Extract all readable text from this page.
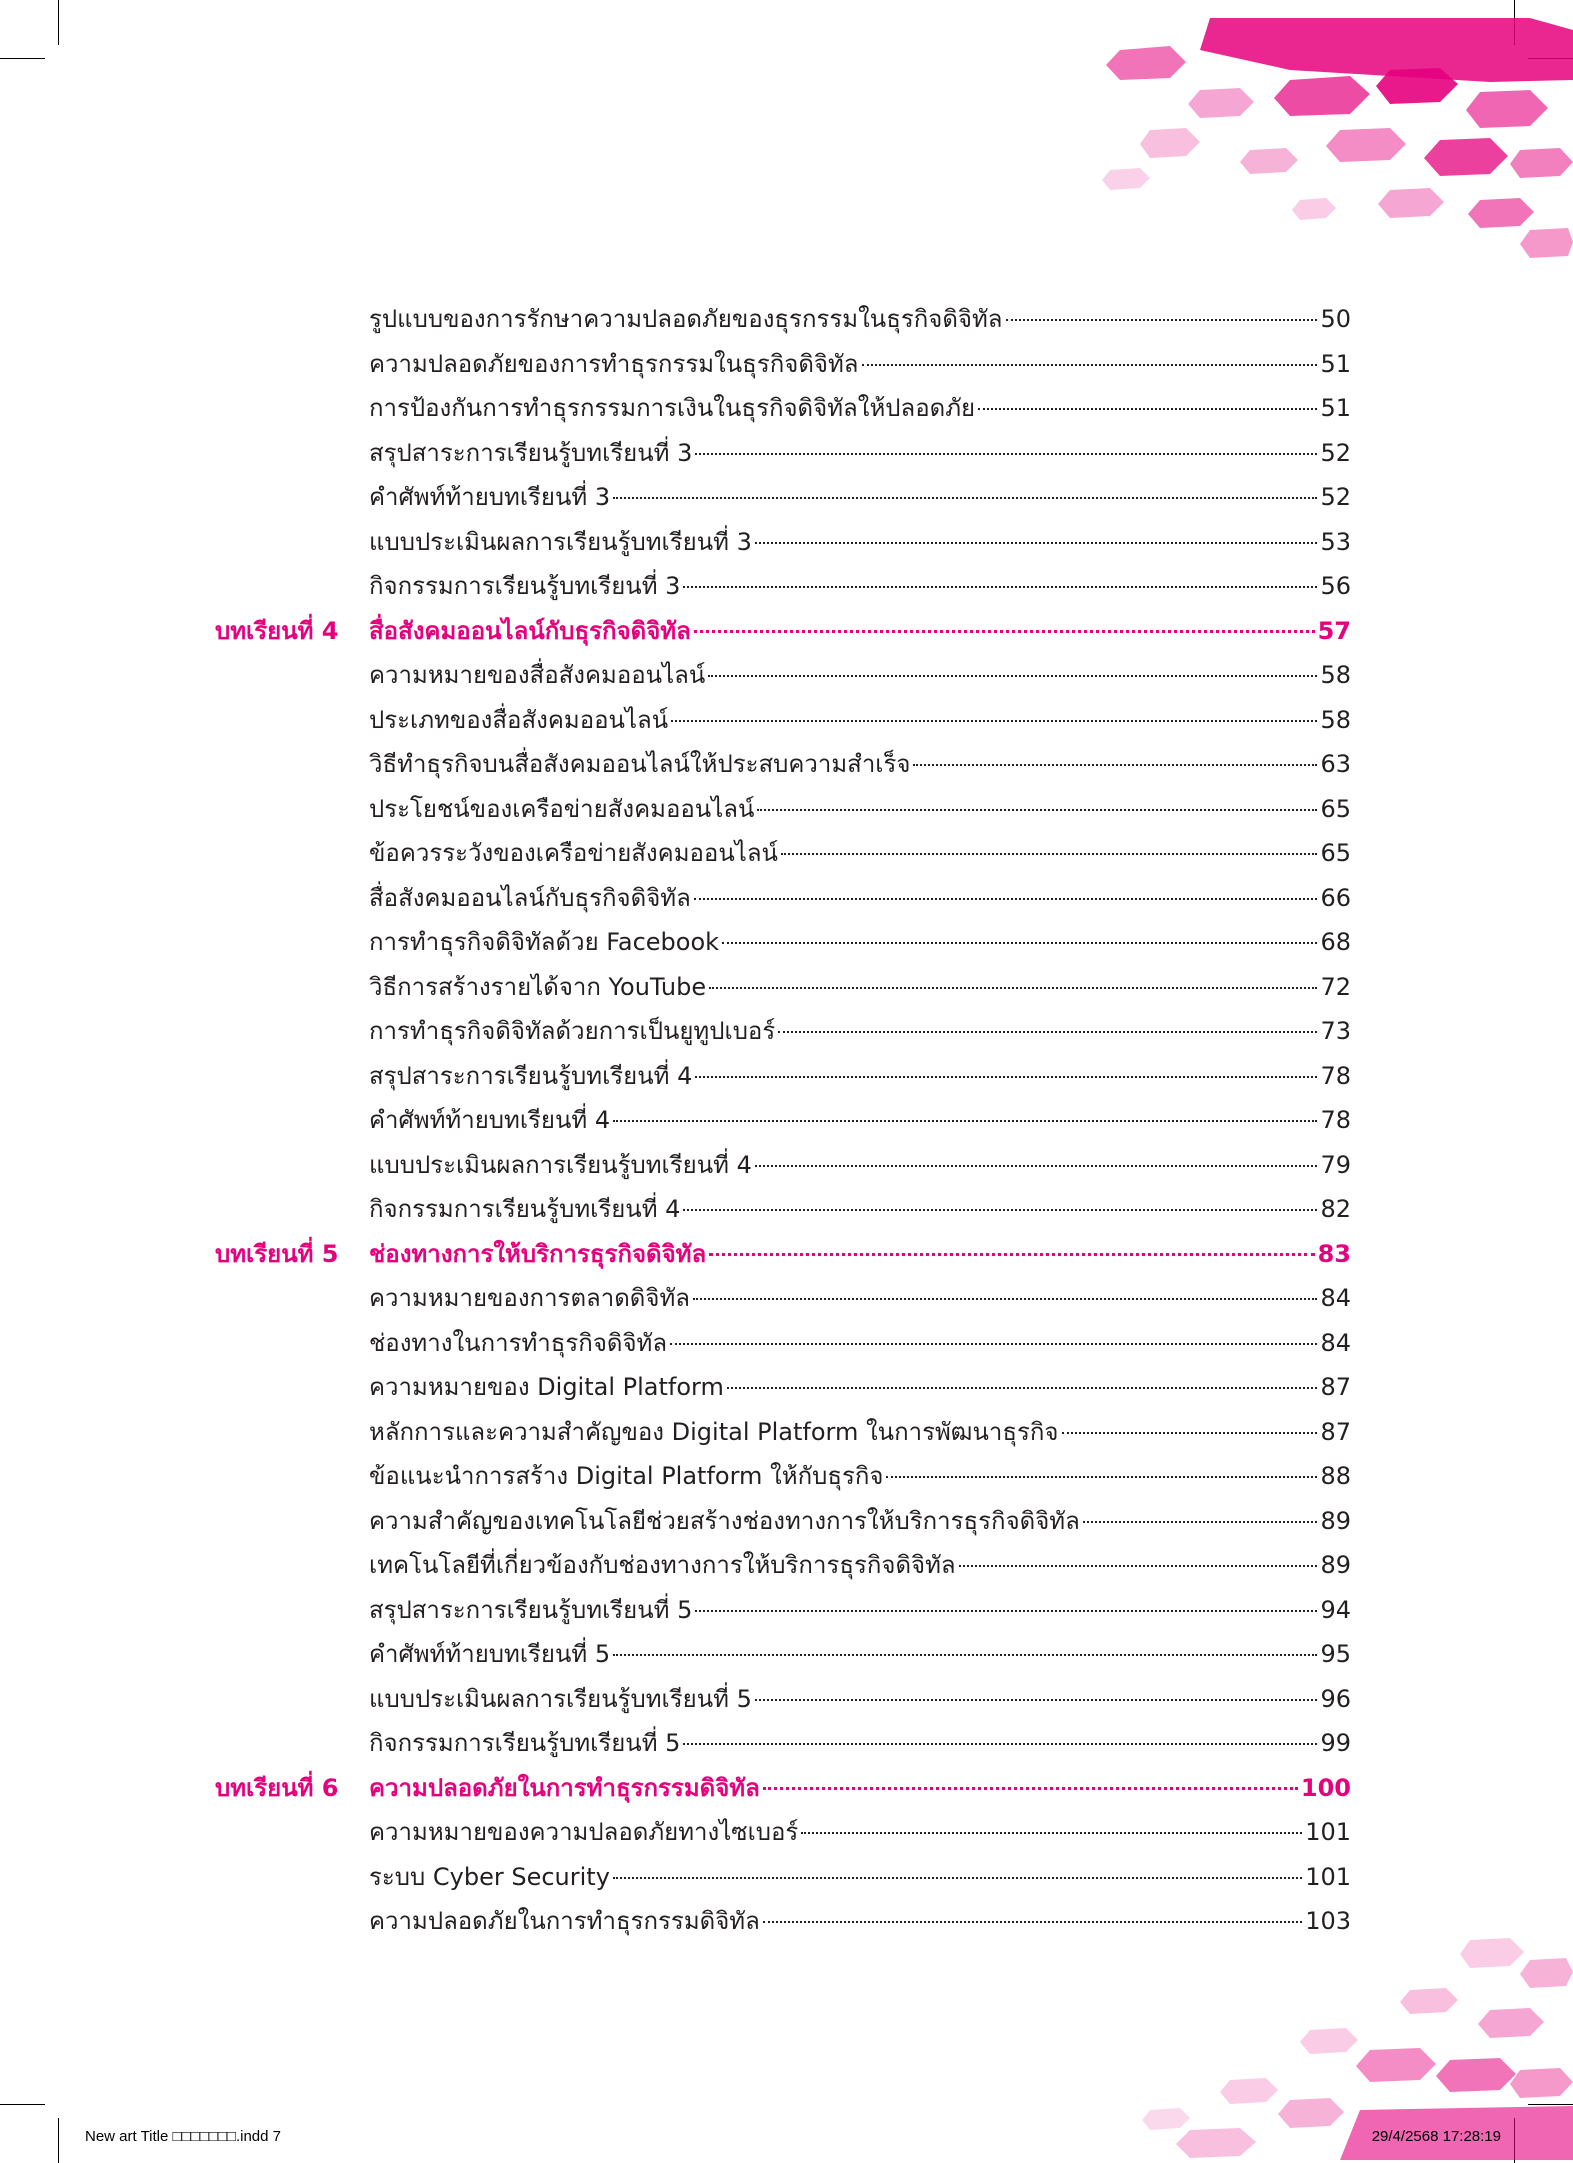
รูปแบบของการรักษาความปลอดภัยของธุรกรรมในธุรกิจดิจิทัล	50
ความปลอดภัยของการทำธุรกรรมในธุรกิจดิจิทัล	51
การป้องกันการทำธุรกรรมการเงินในธุรกิจดิจิทัลให้ปลอดภัย	51
สรุปสาระการเรียนรู้บทเรียนที่ 3	52
คำศัพท์ท้ายบทเรียนที่ 3	52
แบบประเมินผลการเรียนรู้บทเรียนที่ 3	53
กิจกรรมการเรียนรู้บทเรียนที่ 3	56
บทเรียนที่ 4	สื่อสังคมออนไลน์กับธุรกิจดิจิทัล	57
ความหมายของสื่อสังคมออนไลน์	58
ประเภทของสื่อสังคมออนไลน์	58
วิธีทำธุรกิจบนสื่อสังคมออนไลน์ให้ประสบความสำเร็จ	63
ประโยชน์ของเครือข่ายสังคมออนไลน์	65
ข้อควรระวังของเครือข่ายสังคมออนไลน์	65
สื่อสังคมออนไลน์กับธุรกิจดิจิทัล	66
การทำธุรกิจดิจิทัลด้วย Facebook	68
วิธีการสร้างรายได้จาก YouTube	72
การทำธุรกิจดิจิทัลด้วยการเป็นยูทูปเบอร์	73
สรุปสาระการเรียนรู้บทเรียนที่ 4	78
คำศัพท์ท้ายบทเรียนที่ 4	78
แบบประเมินผลการเรียนรู้บทเรียนที่ 4	79
กิจกรรมการเรียนรู้บทเรียนที่ 4	82
บทเรียนที่ 5	ช่องทางการให้บริการธุรกิจดิจิทัล	83
ความหมายของการตลาดดิจิทัล	84
ช่องทางในการทำธุรกิจดิจิทัล	84
ความหมายของ Digital Platform	87
หลักการและความสำคัญของ Digital Platform ในการพัฒนาธุรกิจ	87
ข้อแนะนำการสร้าง Digital Platform ให้กับธุรกิจ	88
ความสำคัญของเทคโนโลยีช่วยสร้างช่องทางการให้บริการธุรกิจดิจิทัล	89
เทคโนโลยีที่เกี่ยวข้องกับช่องทางการให้บริการธุรกิจดิจิทัล	89
สรุปสาระการเรียนรู้บทเรียนที่ 5	94
คำศัพท์ท้ายบทเรียนที่ 5	95
แบบประเมินผลการเรียนรู้บทเรียนที่ 5	96
กิจกรรมการเรียนรู้บทเรียนที่ 5	99
บทเรียนที่ 6	ความปลอดภัยในการทำธุรกรรมดิจิทัล	100
ความหมายของความปลอดภัยทางไซเบอร์	101
ระบบ Cyber Security	101
ความปลอดภัยในการทำธุรกรรมดิจิทัล	103
New art Title □□□□□□□.indd 7	29/4/2568 17:28:19
